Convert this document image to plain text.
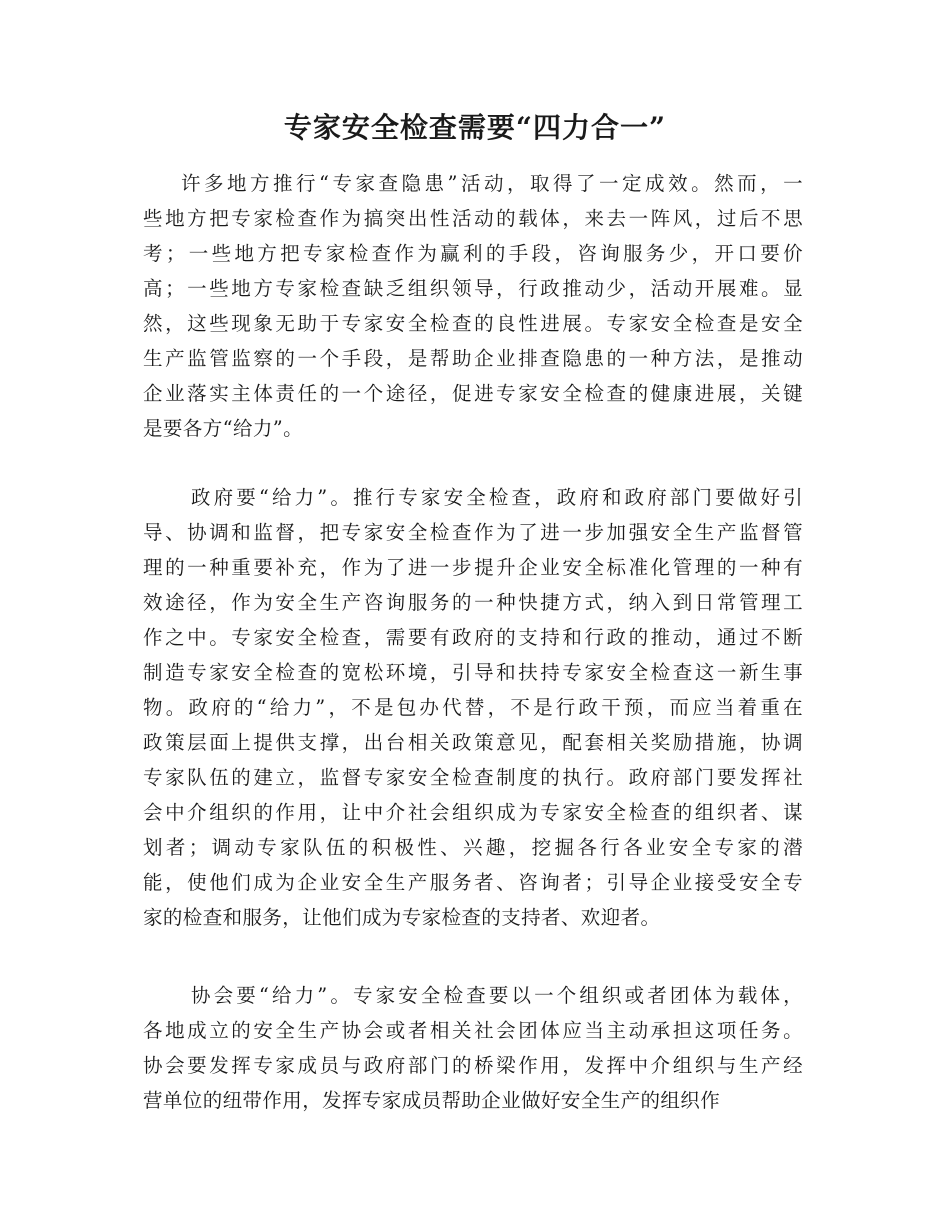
专家安全检查需要“四力合一”
许多地方推行“专家查隐患”活动，取得了一定成效。然而，一
些地方把专家检查作为搞突出性活动的载体，来去一阵风，过后不思
考；一些地方把专家检查作为赢利的手段，咨询服务少，开口要价
高；一些地方专家检查缺乏组织领导，行政推动少，活动开展难。显
然，这些现象无助于专家安全检查的良性进展。专家安全检查是安全
生产监管监察的一个手段，是帮助企业排查隐患的一种方法，是推动
企业落实主体责任的一个途径，促进专家安全检查的健康进展，关键
是要各方“给力”。
政府要“给力”。推行专家安全检查，政府和政府部门要做好引
导、协调和监督，把专家安全检查作为了进一步加强安全生产监督管
理的一种重要补充，作为了进一步提升企业安全标准化管理的一种有
效途径，作为安全生产咨询服务的一种快捷方式，纳入到日常管理工
作之中。专家安全检查，需要有政府的支持和行政的推动，通过不断
制造专家安全检查的宽松环境，引导和扶持专家安全检查这一新生事
物。政府的“给力”，不是包办代替，不是行政干预，而应当着重在
政策层面上提供支撑，出台相关政策意见，配套相关奖励措施，协调
专家队伍的建立，监督专家安全检查制度的执行。政府部门要发挥社
会中介组织的作用，让中介社会组织成为专家安全检查的组织者、谋
划者；调动专家队伍的积极性、兴趣，挖掘各行各业安全专家的潜
能，使他们成为企业安全生产服务者、咨询者；引导企业接受安全专
家的检查和服务，让他们成为专家检查的支持者、欢迎者。
协会要“给力”。专家安全检查要以一个组织或者团体为载体，
各地成立的安全生产协会或者相关社会团体应当主动承担这项任务。
协会要发挥专家成员与政府部门的桥梁作用，发挥中介组织与生产经
营单位的纽带作用，发挥专家成员帮助企业做好安全生产的组织作
